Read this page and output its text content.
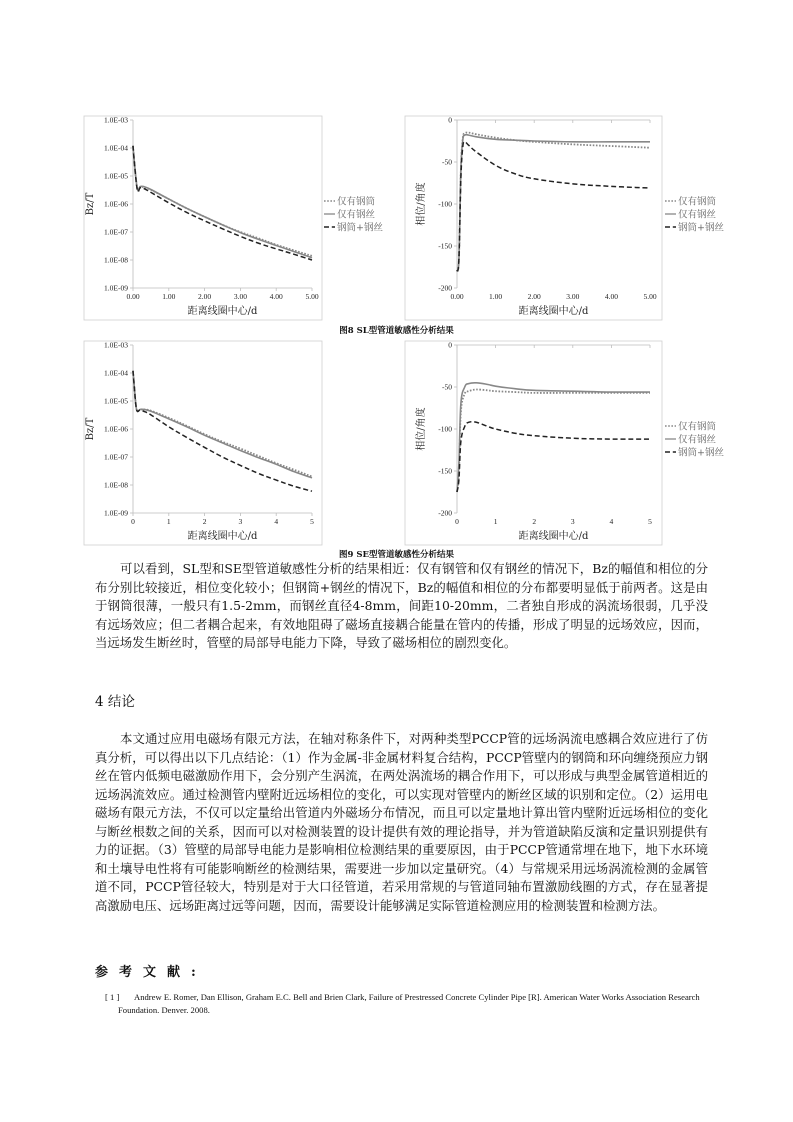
1.0E-03
1.0E-04
1.0E-05
1.0E-06
1.0E-07
1.0E-08
1.0E-09
0.00	1.00	2.00	3.00	4.00	5.00
Bz/T
距离线圈中心/d
仅有钢筒
仅有钢丝
钢筒+钢丝
0
-50
-100
-150
-200
0.00	1.00	2.00	3.00	4.00	5.00
相位/角度
距离线圈中心/d
仅有钢筒
仅有钢丝
钢筒+钢丝
图8 SL型管道敏感性分析结果
1.0E-03
1.0E-04
1.0E-05
1.0E-06
1.0E-07
1.0E-08
1.0E-09
0	1	2	3	4	5
Bz/T
距离线圈中心/d
0
-50
-100
-150
-200
0	1	2	3	4	5
相位/角度
距离线圈中心/d
仅有钢筒
仅有钢丝
钢筒+钢丝
图9 SE型管道敏感性分析结果

可以看到，SL型和SE型管道敏感性分析的结果相近：仅有钢管和仅有钢丝的情况下，Bz的幅值和相位的分布分别比较接近，相位变化较小；但钢筒+钢丝的情况下，Bz的幅值和相位的分布都要明显低于前两者。这是由于钢筒很薄，一般只有1.5-2mm，而钢丝直径4-8mm，间距10-20mm，二者独自形成的涡流场很弱，几乎没有远场效应；但二者耦合起来，有效地阻碍了磁场直接耦合能量在管内的传播，形成了明显的远场效应，因而，当远场发生断丝时，管壁的局部导电能力下降，导致了磁场相位的剧烈变化。

4 结论

本文通过应用电磁场有限元方法，在轴对称条件下，对两种类型PCCP管的远场涡流电感耦合效应进行了仿真分析，可以得出以下几点结论：（1）作为金属-非金属材料复合结构，PCCP管壁内的钢筒和环向缠绕预应力钢丝在管内低频电磁激励作用下，会分别产生涡流，在两处涡流场的耦合作用下，可以形成与典型金属管道相近的远场涡流效应。通过检测管内壁附近远场相位的变化，可以实现对管壁内的断丝区域的识别和定位。（2）运用电磁场有限元方法，不仅可以定量给出管道内外磁场分布情况，而且可以定量地计算出管内壁附近远场相位的变化与断丝根数之间的关系，因而可以对检测装置的设计提供有效的理论指导，并为管道缺陷反演和定量识别提供有力的证据。（3）管壁的局部导电能力是影响相位检测结果的重要原因，由于PCCP管通常埋在地下，地下水环境和土壤导电性将有可能影响断丝的检测结果，需要进一步加以定量研究。（4）与常规采用远场涡流检测的金属管道不同，PCCP管径较大，特别是对于大口径管道，若采用常规的与管道同轴布置激励线圈的方式，存在显著提高激励电压、远场距离过远等问题，因而，需要设计能够满足实际管道检测应用的检测装置和检测方法。

参考文献:
[ 1 ]	Andrew E. Romer, Dan Ellison, Graham E.C. Bell and Brien Clark, Failure of Prestressed Concrete Cylinder Pipe [R]. American Water Works Association Research Foundation. Denver. 2008.
